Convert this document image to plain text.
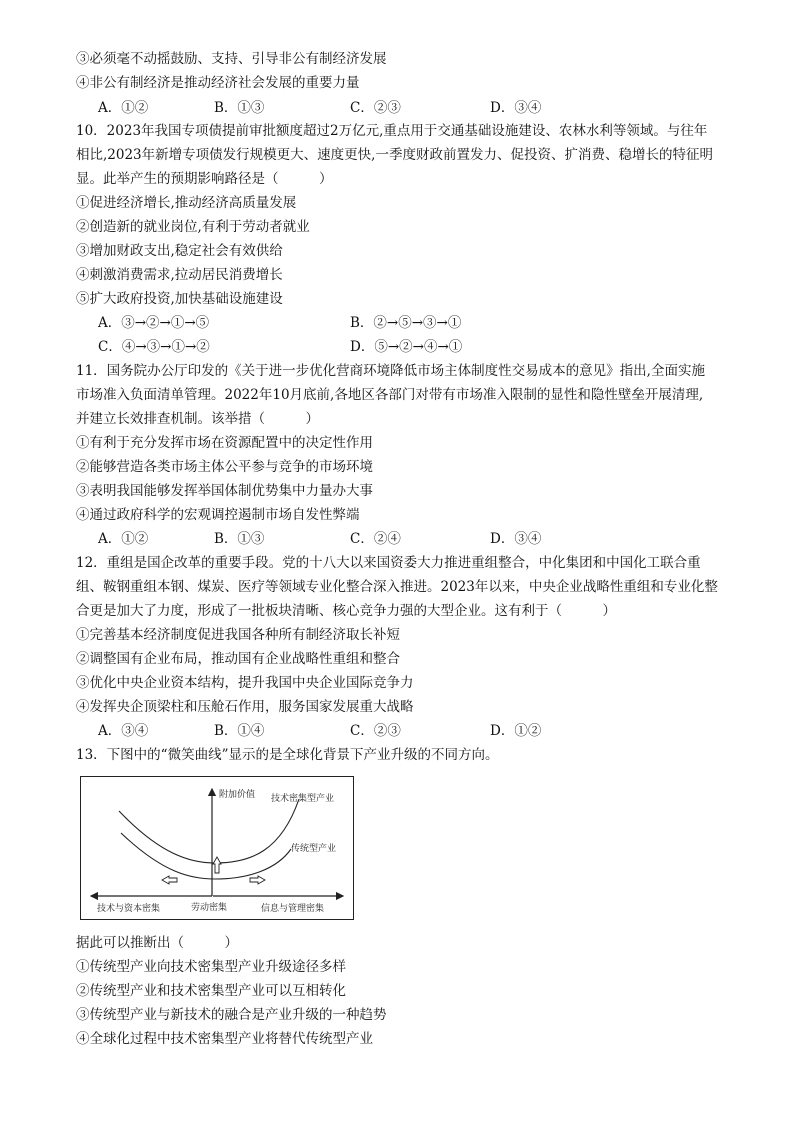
③必须毫不动摇鼓励、支持、引导非公有制经济发展
④非公有制经济是推动经济社会发展的重要力量
A．①②	B．①③	C．②③	D．③④
10．2023年我国专项债提前审批额度超过2万亿元,重点用于交通基础设施建设、农林水利等领域。与往年
相比,2023年新增专项债发行规模更大、速度更快,一季度财政前置发力、促投资、扩消费、稳增长的特征明
显。此举产生的预期影响路径是（　　　）
①促进经济增长,推动经济高质量发展
②创造新的就业岗位,有利于劳动者就业
③增加财政支出,稳定社会有效供给
④刺激消费需求,拉动居民消费增长
⑤扩大政府投资,加快基础设施建设
A．③→②→①→⑤	B．②→⑤→③→①
C．④→③→①→②	D．⑤→②→④→①
11．国务院办公厅印发的《关于进一步优化营商环境降低市场主体制度性交易成本的意见》指出,全面实施
市场准入负面清单管理。2022年10月底前,各地区各部门对带有市场准入限制的显性和隐性壁垒开展清理,
并建立长效排查机制。该举措（　　　）
①有利于充分发挥市场在资源配置中的决定性作用
②能够营造各类市场主体公平参与竞争的市场环境
③表明我国能够发挥举国体制优势集中力量办大事
④通过政府科学的宏观调控遏制市场自发性弊端
A．①②	B．①③	C．②④	D．③④
12．重组是国企改革的重要手段。党的十八大以来国资委大力推进重组整合，中化集团和中国化工联合重
组、鞍钢重组本钢、煤炭、医疗等领域专业化整合深入推进。2023年以来，中央企业战略性重组和专业化整
合更是加大了力度，形成了一批板块清晰、核心竞争力强的大型企业。这有利于（　　　）
①完善基本经济制度促进我国各种所有制经济取长补短
②调整国有企业布局，推动国有企业战略性重组和整合
③优化中央企业资本结构，提升我国中央企业国际竞争力
④发挥央企顶梁柱和压舱石作用，服务国家发展重大战略
A．③④	B．①④	C．②③	D．①②
13．下图中的“微笑曲线”显示的是全球化背景下产业升级的不同方向。
附加价值 技术密集型产业
传统型产业
技术与资本密集	劳动密集	信息与管理密集
据此可以推断出（　　　）
①传统型产业向技术密集型产业升级途径多样
②传统型产业和技术密集型产业可以互相转化
③传统型产业与新技术的融合是产业升级的一种趋势
④全球化过程中技术密集型产业将替代传统型产业
